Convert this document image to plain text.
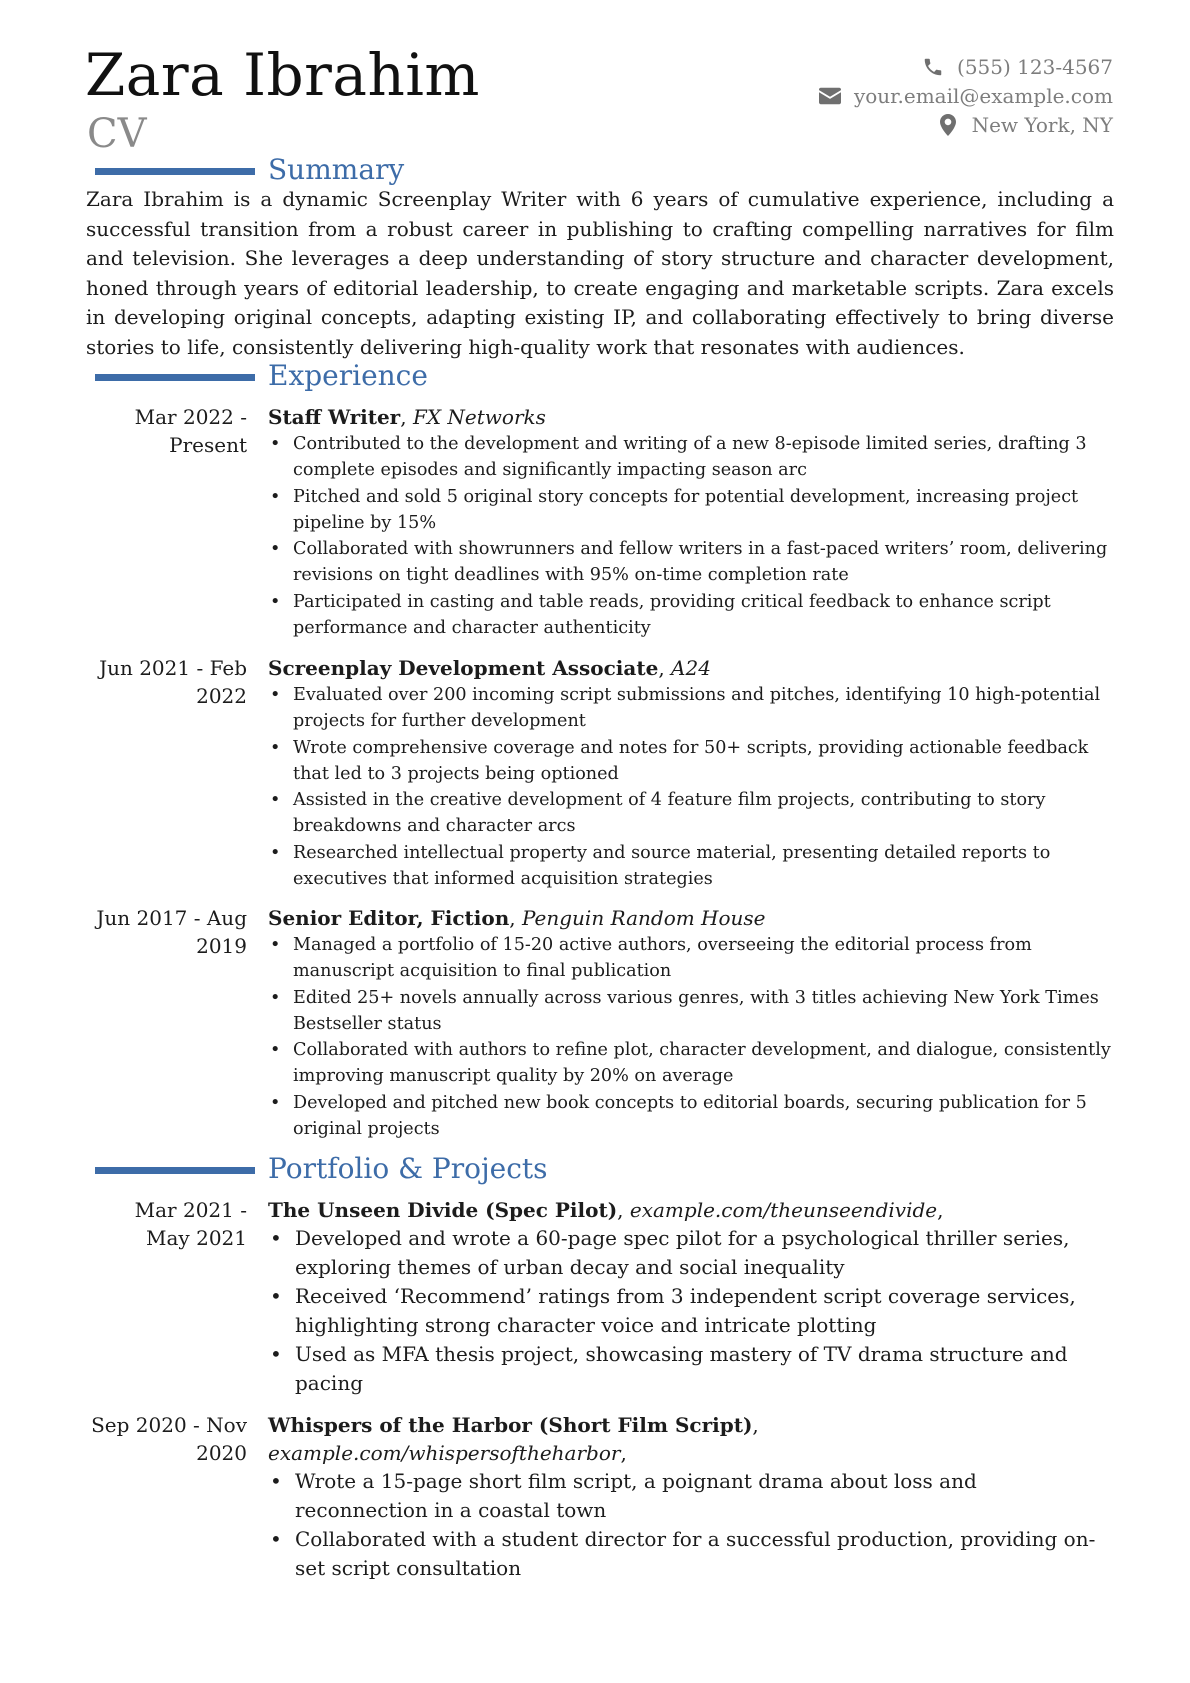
Zara Ibrahim
CV
(555) 123-4567
your.email@example.com
New York, NY
Summary
Zara Ibrahim is a dynamic Screenplay Writer with 6 years of cumulative experience, including a successful transition from a robust career in publishing to crafting compelling narratives for film and television. She leverages a deep understanding of story structure and character development, honed through years of editorial leadership, to create engaging and marketable scripts. Zara excels in developing original concepts, adapting existing IP, and collaborating effectively to bring diverse stories to life, consistently delivering high-quality work that resonates with audiences.
Experience
Mar 2022 -
Present
Staff Writer, FX Networks
• Contributed to the development and writing of a new 8-episode limited series, drafting 3 complete episodes and significantly impacting season arc
• Pitched and sold 5 original story concepts for potential development, increasing project pipeline by 15%
• Collaborated with showrunners and fellow writers in a fast-paced writers’ room, delivering revisions on tight deadlines with 95% on-time completion rate
• Participated in casting and table reads, providing critical feedback to enhance script performance and character authenticity
Jun 2021 - Feb
2022
Screenplay Development Associate, A24
• Evaluated over 200 incoming script submissions and pitches, identifying 10 high-potential projects for further development
• Wrote comprehensive coverage and notes for 50+ scripts, providing actionable feedback that led to 3 projects being optioned
• Assisted in the creative development of 4 feature film projects, contributing to story breakdowns and character arcs
• Researched intellectual property and source material, presenting detailed reports to executives that informed acquisition strategies
Jun 2017 - Aug
2019
Senior Editor, Fiction, Penguin Random House
• Managed a portfolio of 15-20 active authors, overseeing the editorial process from manuscript acquisition to final publication
• Edited 25+ novels annually across various genres, with 3 titles achieving New York Times Bestseller status
• Collaborated with authors to refine plot, character development, and dialogue, consistently improving manuscript quality by 20% on average
• Developed and pitched new book concepts to editorial boards, securing publication for 5 original projects
Portfolio & Projects
Mar 2021 -
May 2021
The Unseen Divide (Spec Pilot), example.com/theunseendivide,
• Developed and wrote a 60-page spec pilot for a psychological thriller series, exploring themes of urban decay and social inequality
• Received ‘Recommend’ ratings from 3 independent script coverage services, highlighting strong character voice and intricate plotting
• Used as MFA thesis project, showcasing mastery of TV drama structure and pacing
Sep 2020 - Nov
2020
Whispers of the Harbor (Short Film Script), example.com/whispersoftheharbor,
• Wrote a 15-page short film script, a poignant drama about loss and reconnection in a coastal town
• Collaborated with a student director for a successful production, providing on-set script consultation
